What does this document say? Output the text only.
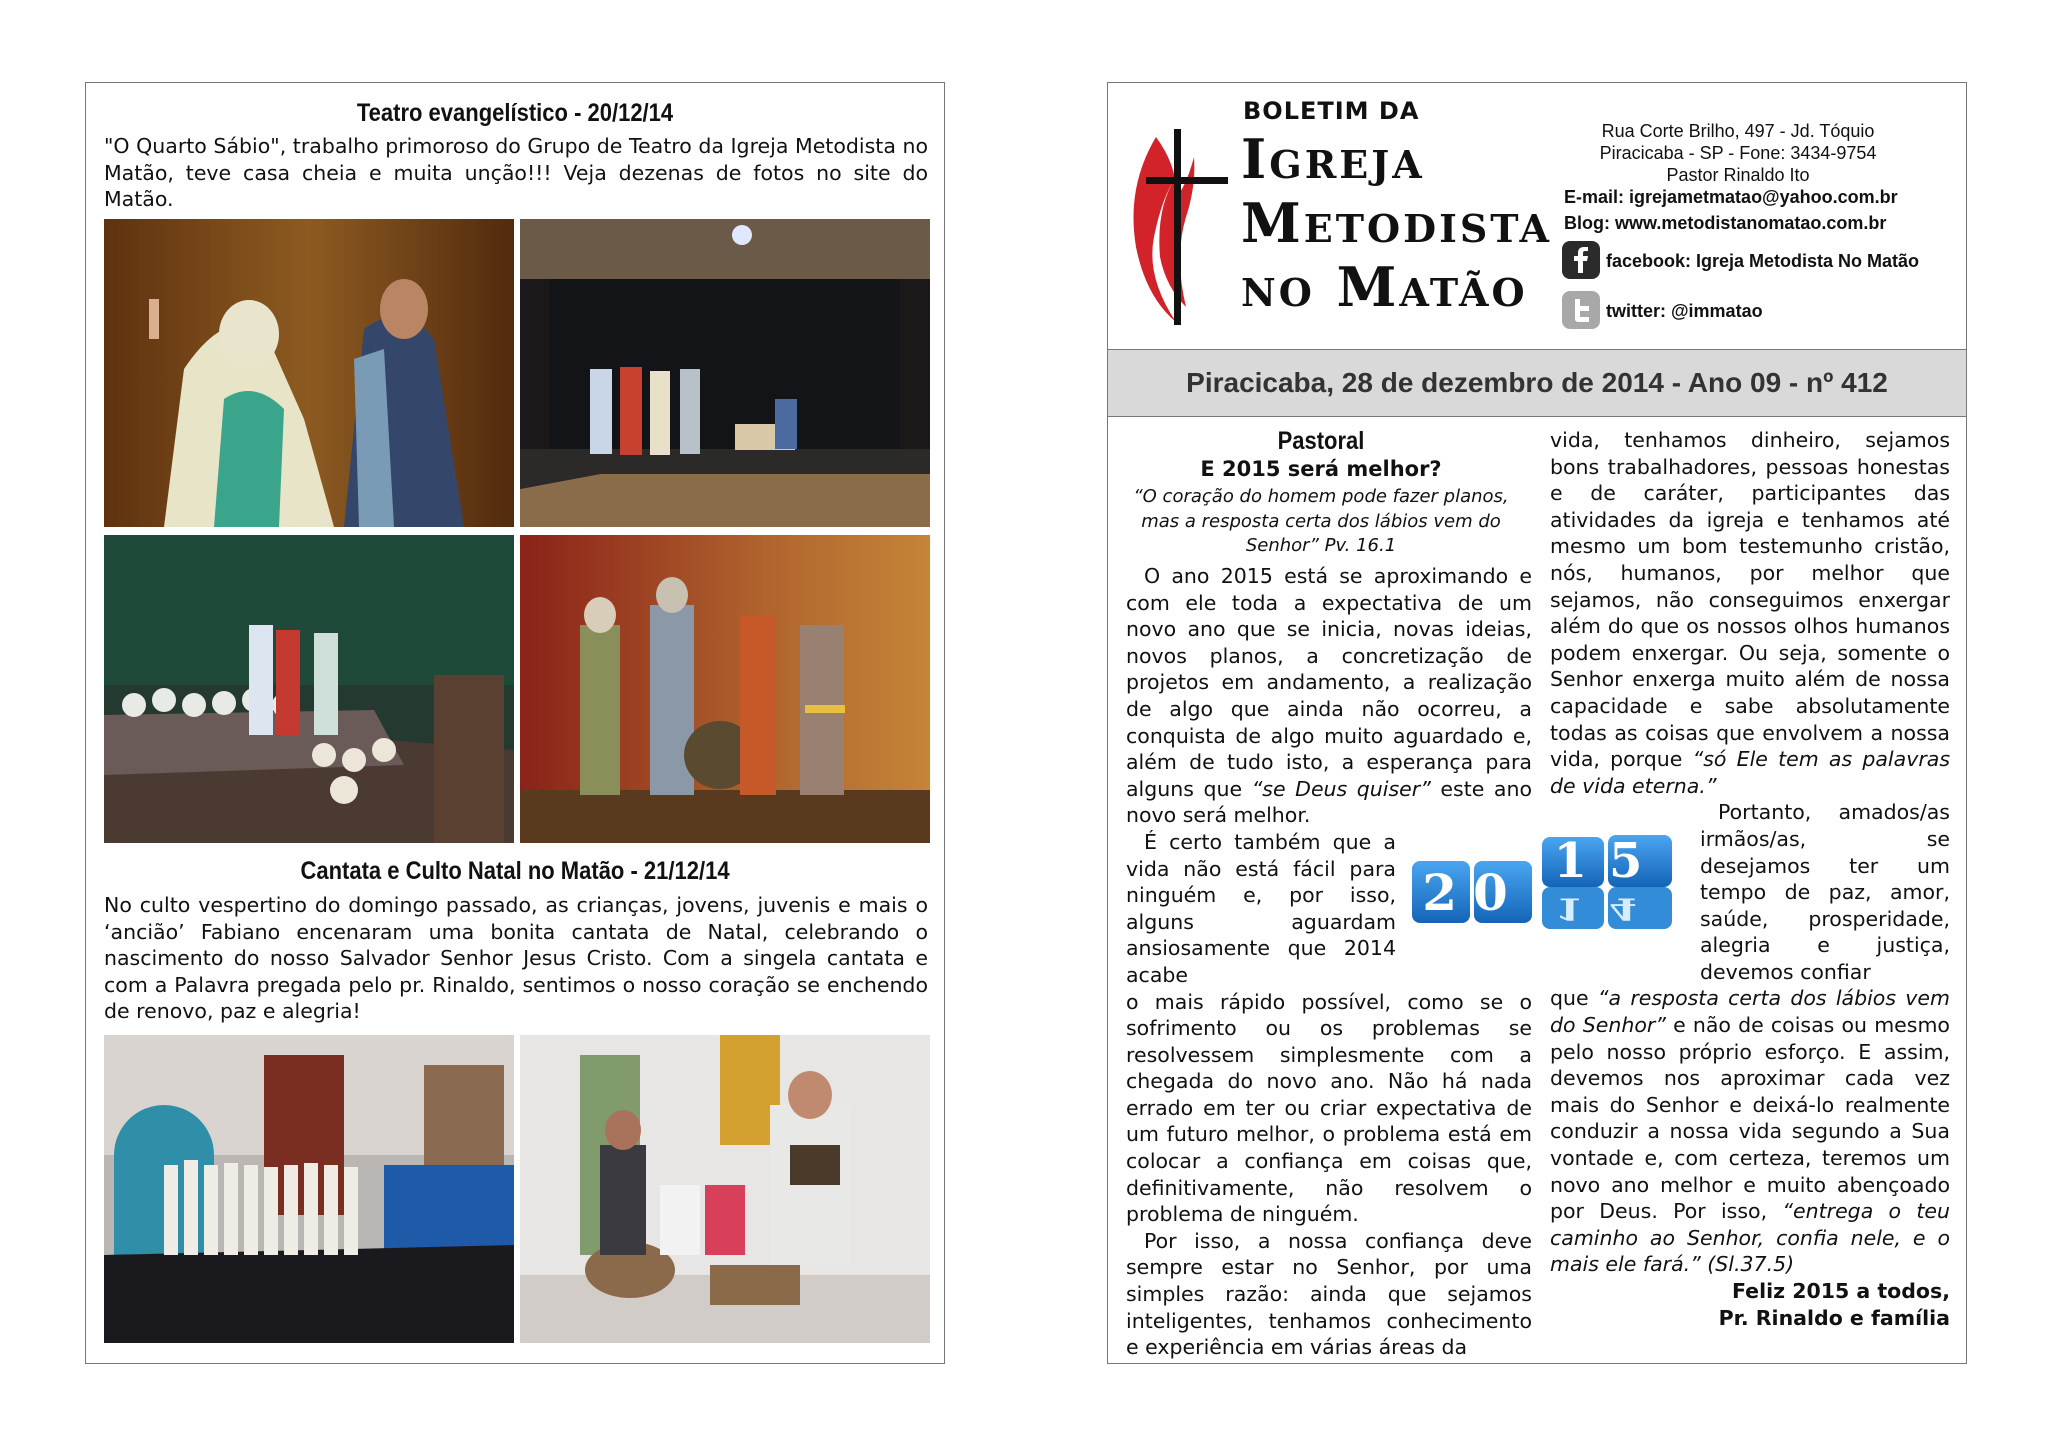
Teatro evangelístico - 20/12/14

"O Quarto Sábio", trabalho primoroso do Grupo de Teatro da Igreja Metodista no Matão, teve casa cheia e muita unção!!! Veja dezenas de fotos no site do Matão.

Cantata e Culto Natal no Matão - 21/12/14

No culto vespertino do domingo passado, as crianças, jovens, juvenis e mais o ‘ancião’ Fabiano encenaram uma bonita cantata de Natal, celebrando o nascimento do nosso Salvador Senhor Jesus Cristo. Com a singela cantata e com a Palavra pregada pelo pr. Rinaldo, sentimos o nosso coração se enchendo de renovo, paz e alegria!

BOLETIM DA
Igreja
Metodista
no Matão
Rua Corte Brilho, 497 - Jd. Tóquio
Piracicaba - SP - Fone: 3434-9754
Pastor Rinaldo Ito
E-mail: igrejametmatao@yahoo.com.br
Blog: www.metodistanomatao.com.br
facebook: Igreja Metodista No Matão
twitter: @immatao
Piracicaba, 28 de dezembro de 2014 - Ano 09 - nº 412
Pastoral
E 2015 será melhor?
“O coração do homem pode fazer planos, mas a resposta certa dos lábios vem do Senhor” Pv. 16.1

O ano 2015 está se aproximando e com ele toda a expectativa de um novo ano que se inicia, novas ideias, novos planos, a concretização de projetos em andamento, a realização de algo que ainda não ocorreu, a conquista de algo muito aguardado e, além de tudo isto, a esperança para alguns que “se Deus quiser” este ano novo será melhor.

É certo também que a vida não está fácil para ninguém e, por isso, alguns aguardam ansiosamente que 2014 acabe

o mais rápido possível, como se o sofrimento ou os problemas se resolvessem simplesmente com a chegada do novo ano. Não há nada errado em ter ou criar expectativa de um futuro melhor, o problema está em colocar a confiança em coisas que, definitivamente, não resolvem o problema de ninguém.

Por isso, a nossa confiança deve sempre estar no Senhor, por uma simples razão: ainda que sejamos inteligentes, tenhamos conhecimento e experiência em várias áreas da

20
15
14

vida, tenhamos dinheiro, sejamos bons trabalhadores, pessoas honestas e de caráter, participantes das atividades da igreja e tenhamos até mesmo um bom testemunho cristão, nós, humanos, por melhor que sejamos, não conseguimos enxergar além do que os nossos olhos humanos podem enxergar. Ou seja, somente o Senhor enxerga muito além de nossa capacidade e sabe absolutamente todas as coisas que envolvem a nossa vida, porque “só Ele tem as palavras de vida eterna.”

Portanto, amados/as irmãos/as, se desejamos ter um tempo de paz, amor, saúde, prosperidade, alegria e justiça, devemos confiar

que “a resposta certa dos lábios vem do Senhor” e não de coisas ou mesmo pelo nosso próprio esforço. E assim, devemos nos aproximar cada vez mais do Senhor e deixá-lo realmente conduzir a nossa vida segundo a Sua vontade e, com certeza, teremos um novo ano melhor e muito abençoado por Deus. Por isso, “entrega o teu caminho ao Senhor, confia nele, e o mais ele fará.” (Sl.37.5)

Feliz 2015 a todos,

Pr. Rinaldo e família
